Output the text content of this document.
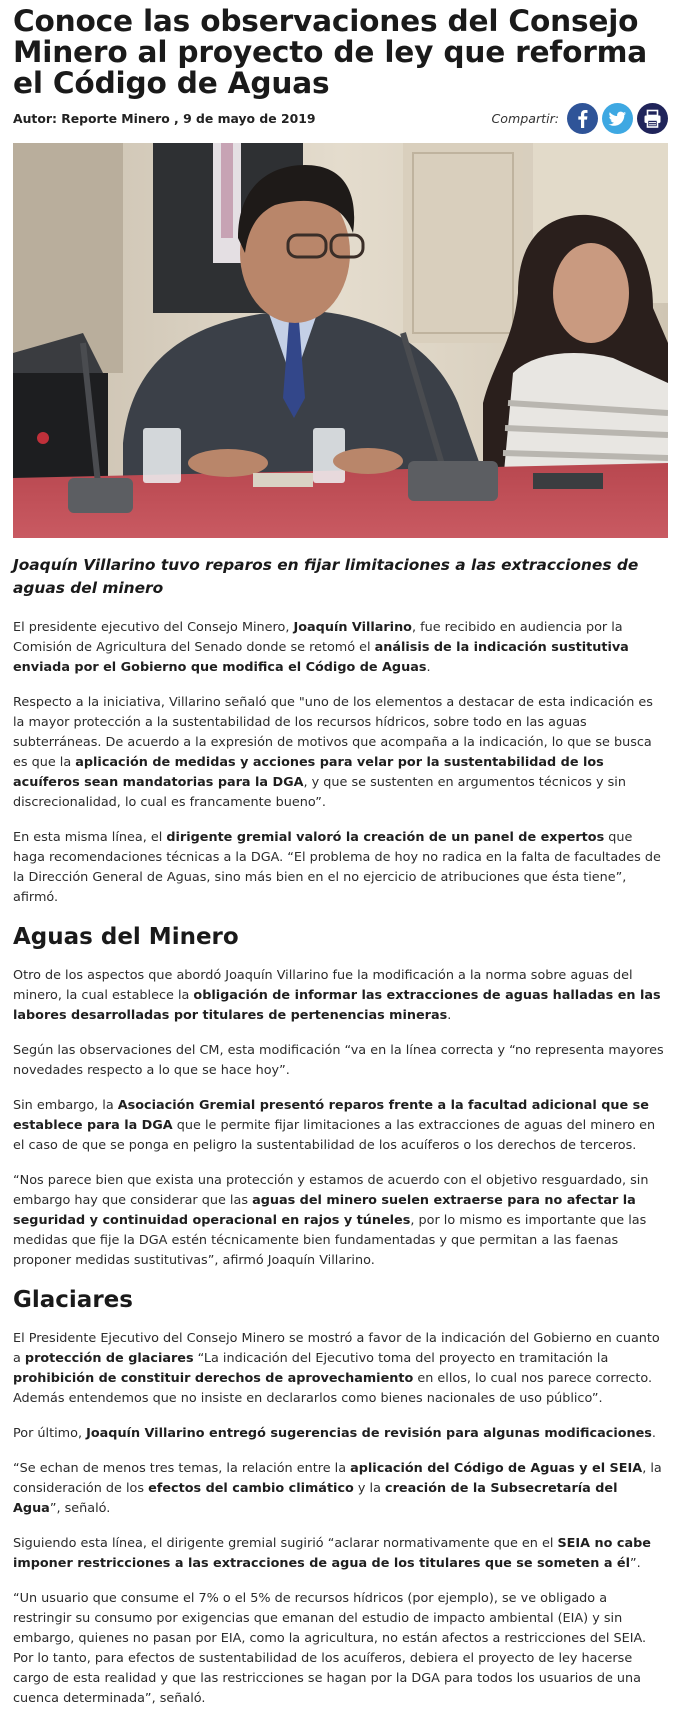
Conoce las observaciones del Consejo Minero al proyecto de ley que reforma el Código de Aguas
Autor: Reporte Minero , 9 de mayo de 2019	Compartir:

Joaquín Villarino tuvo reparos en fijar limitaciones a las extracciones de aguas del minero

El presidente ejecutivo del Consejo Minero, Joaquín Villarino, fue recibido en audiencia por la Comisión de Agricultura del Senado donde se retomó el análisis de la indicación sustitutiva enviada por el Gobierno que modifica el Código de Aguas.

Respecto a la iniciativa, Villarino señaló que "uno de los elementos a destacar de esta indicación es la mayor protección a la sustentabilidad de los recursos hídricos, sobre todo en las aguas subterráneas. De acuerdo a la expresión de motivos que acompaña a la indicación, lo que se busca es que la aplicación de medidas y acciones para velar por la sustentabilidad de los acuíferos sean mandatorias para la DGA, y que se sustenten en argumentos técnicos y sin discrecionalidad, lo cual es francamente bueno”.

En esta misma línea, el dirigente gremial valoró la creación de un panel de expertos que haga recomendaciones técnicas a la DGA. “El problema de hoy no radica en la falta de facultades de la Dirección General de Aguas, sino más bien en el no ejercicio de atribuciones que ésta tiene”, afirmó.

Aguas del Minero

Otro de los aspectos que abordó Joaquín Villarino fue la modificación a la norma sobre aguas del minero, la cual establece la obligación de informar las extracciones de aguas halladas en las labores desarrolladas por titulares de pertenencias mineras.

Según las observaciones del CM, esta modificación “va en la línea correcta y “no representa mayores novedades respecto a lo que se hace hoy”.

Sin embargo, la Asociación Gremial presentó reparos frente a la facultad adicional que se establece para la DGA que le permite fijar limitaciones a las extracciones de aguas del minero en el caso de que se ponga en peligro la sustentabilidad de los acuíferos o los derechos de terceros.

“Nos parece bien que exista una protección y estamos de acuerdo con el objetivo resguardado, sin embargo hay que considerar que las aguas del minero suelen extraerse para no afectar la seguridad y continuidad operacional en rajos y túneles, por lo mismo es importante que las medidas que fije la DGA estén técnicamente bien fundamentadas y que permitan a las faenas proponer medidas sustitutivas”, afirmó Joaquín Villarino.

Glaciares

El Presidente Ejecutivo del Consejo Minero se mostró a favor de la indicación del Gobierno en cuanto a protección de glaciares “La indicación del Ejecutivo toma del proyecto en tramitación la prohibición de constituir derechos de aprovechamiento en ellos, lo cual nos parece correcto. Además entendemos que no insiste en declararlos como bienes nacionales de uso público”.

Por último, Joaquín Villarino entregó sugerencias de revisión para algunas modificaciones.

“Se echan de menos tres temas, la relación entre la aplicación del Código de Aguas y el SEIA, la consideración de los efectos del cambio climático y la creación de la Subsecretaría del Agua”, señaló.

Siguiendo esta línea, el dirigente gremial sugirió “aclarar normativamente que en el SEIA no cabe imponer restricciones a las extracciones de agua de los titulares que se someten a él”.

“Un usuario que consume el 7% o el 5% de recursos hídricos (por ejemplo), se ve obligado a restringir su consumo por exigencias que emanan del estudio de impacto ambiental (EIA) y sin embargo, quienes no pasan por EIA, como la agricultura, no están afectos a restricciones del SEIA. Por lo tanto, para efectos de sustentabilidad de los acuíferos, debiera el proyecto de ley hacerse cargo de esta realidad y que las restricciones se hagan por la DGA para todos los usuarios de una cuenca determinada”, señaló.
